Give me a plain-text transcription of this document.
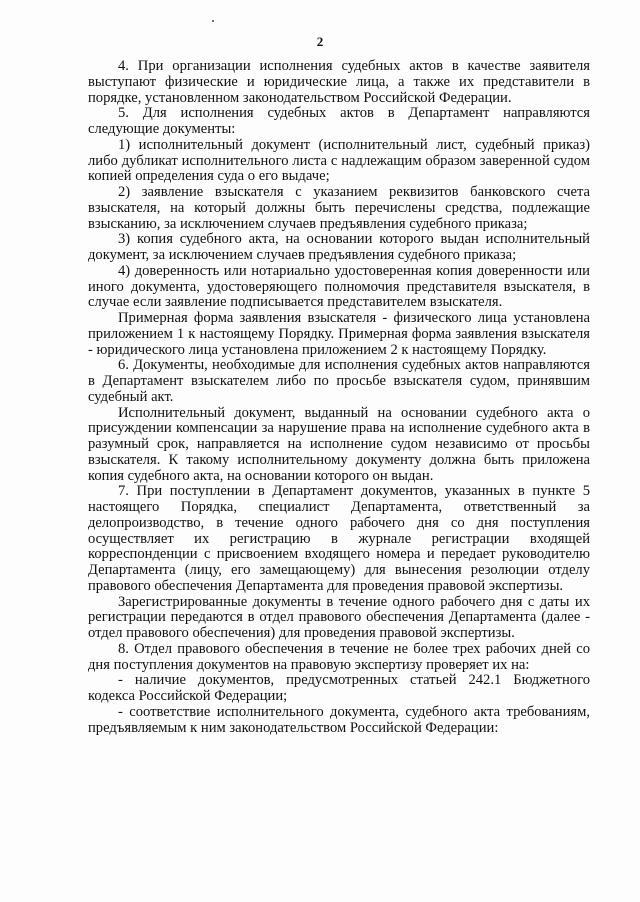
2

4. При организации исполнения судебных актов в качестве заявителя выступают физические и юридические лица, а также их представители в порядке, установленном законодательством Российской Федерации.

5. Для исполнения судебных актов в Департамент направляются следующие документы:

1) исполнительный документ (исполнительный лист, судебный приказ) либо дубликат исполнительного листа с надлежащим образом заверенной судом копией определения суда о его выдаче;

2) заявление взыскателя с указанием реквизитов банковского счета взыскателя, на который должны быть перечислены средства, подлежащие взысканию, за исключением случаев предъявления судебного приказа;

3) копия судебного акта, на основании которого выдан исполнительный документ, за исключением случаев предъявления судебного приказа;

4) доверенность или нотариально удостоверенная копия доверенности или иного документа, удостоверяющего полномочия представителя взыскателя, в случае если заявление подписывается представителем взыскателя.

Примерная форма заявления взыскателя - физического лица установлена приложением 1 к настоящему Порядку. Примерная форма заявления взыскателя - юридического лица установлена приложением 2 к настоящему Порядку.

6. Документы, необходимые для исполнения судебных актов направляются в Департамент взыскателем либо по просьбе взыскателя судом, принявшим судебный акт.

Исполнительный документ, выданный на основании судебного акта о присуждении компенсации за нарушение права на исполнение судебного акта в разумный срок, направляется на исполнение судом независимо от просьбы взыскателя. К такому исполнительному документу должна быть приложена копия судебного акта, на основании которого он выдан.

7. При поступлении в Департамент документов, указанных в пункте 5 настоящего Порядка, специалист Департамента, ответственный за делопроизводство, в течение одного рабочего дня со дня поступления осуществляет их регистрацию в журнале регистрации входящей корреспонденции с присвоением входящего номера и передает руководителю Департамента (лицу, его замещающему) для вынесения резолюции отделу правового обеспечения Департамента для проведения правовой экспертизы.

Зарегистрированные документы в течение одного рабочего дня с даты их регистрации передаются в отдел правового обеспечения Департамента (далее - отдел правового обеспечения) для проведения правовой экспертизы.

8. Отдел правового обеспечения в течение не более трех рабочих дней со дня поступления документов на правовую экспертизу проверяет их на:

- наличие документов, предусмотренных статьей 242.1 Бюджетного кодекса Российской Федерации;

- соответствие исполнительного документа, судебного акта требованиям, предъявляемым к ним законодательством Российской Федерации:
